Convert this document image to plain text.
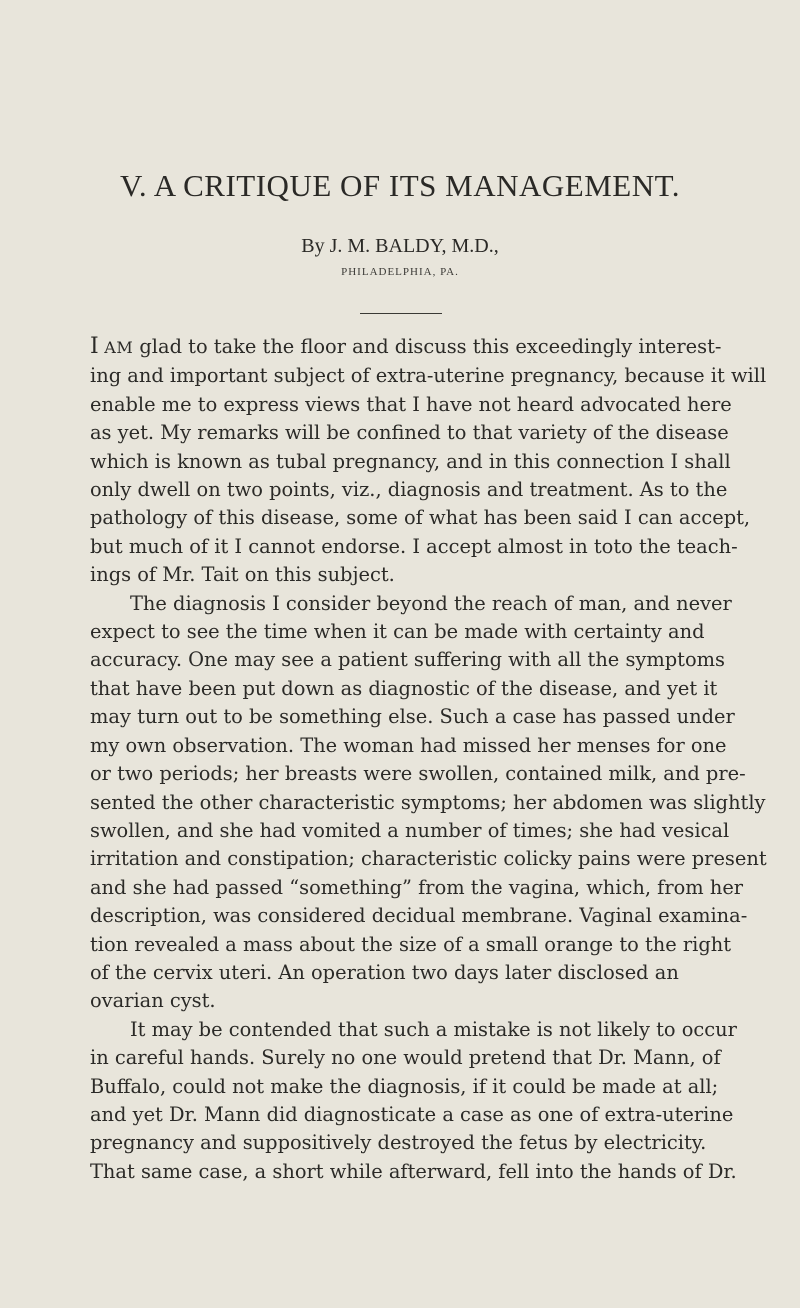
V. A CRITIQUE OF ITS MANAGEMENT.
By J. M. BALDY, M.D.,
PHILADELPHIA, PA.
I AM glad to take the floor and discuss this exceedingly interest-
ing and important subject of extra-uterine pregnancy, because it will
enable me to express views that I have not heard advocated here
as yet. My remarks will be confined to that variety of the disease
which is known as tubal pregnancy, and in this connection I shall
only dwell on two points, viz., diagnosis and treatment. As to the
pathology of this disease, some of what has been said I can accept,
but much of it I cannot endorse. I accept almost in toto the teach-
ings of Mr. Tait on this subject.
The diagnosis I consider beyond the reach of man, and never
expect to see the time when it can be made with certainty and
accuracy. One may see a patient suffering with all the symptoms
that have been put down as diagnostic of the disease, and yet it
may turn out to be something else. Such a case has passed under
my own observation. The woman had missed her menses for one
or two periods; her breasts were swollen, contained milk, and pre-
sented the other characteristic symptoms; her abdomen was slightly
swollen, and she had vomited a number of times; she had vesical
irritation and constipation; characteristic colicky pains were present
and she had passed “something” from the vagina, which, from her
description, was considered decidual membrane. Vaginal examina-
tion revealed a mass about the size of a small orange to the right
of the cervix uteri. An operation two days later disclosed an
ovarian cyst.
It may be contended that such a mistake is not likely to occur
in careful hands. Surely no one would pretend that Dr. Mann, of
Buffalo, could not make the diagnosis, if it could be made at all;
and yet Dr. Mann did diagnosticate a case as one of extra-uterine
pregnancy and suppositively destroyed the fetus by electricity.
That same case, a short while afterward, fell into the hands of Dr.
